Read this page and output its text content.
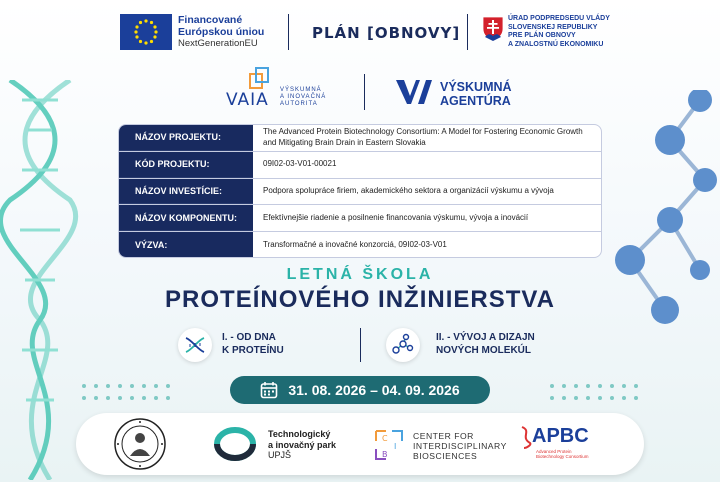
Financované
Európskou úniou
NextGenerationEU
PLÁN [OBNOVY]
ÚRAD PODPREDSEDU VLÁDY
SLOVENSKEJ REPUBLIKY
PRE PLÁN OBNOVY
A ZNALOSTNÚ EKONOMIKU
VAIA VÝSKUMNÁ
A INOVAČNÁ
AUTORITA
VÝSKUMNÁ
AGENTÚRA
NÁZOV PROJEKTU:
The Advanced Protein Biotechnology Consortium: A Model for Fostering Economic Growth and Mitigating Brain Drain in Eastern Slovakia
KÓD PROJEKTU:	09I02-03-V01-00021
NÁZOV INVESTÍCIE:	Podpora spolupráce firiem, akademického sektora a organizácií výskumu a vývoja
NÁZOV KOMPONENTU:	Efektívnejšie riadenie a posilnenie financovania výskumu, vývoja a inovácií
VÝZVA:	Transformačné a inovačné konzorciá, 09I02-03-V01
LETNÁ ŠKOLA
PROTEÍNOVÉHO INŽINIERSTVA
I. - OD DNA
K PROTEÍNU
II. - VÝVOJ A DIZAJN
NOVÝCH MOLEKÚL
31. 08. 2026 – 04. 09. 2026
Technologický
a inovačný park
UPJŠ
C
I
B
CENTER FOR
INTERDISCIPLINARY
BIOSCIENCES
APBC
Advanced Protein
Biotechnology Consortium
